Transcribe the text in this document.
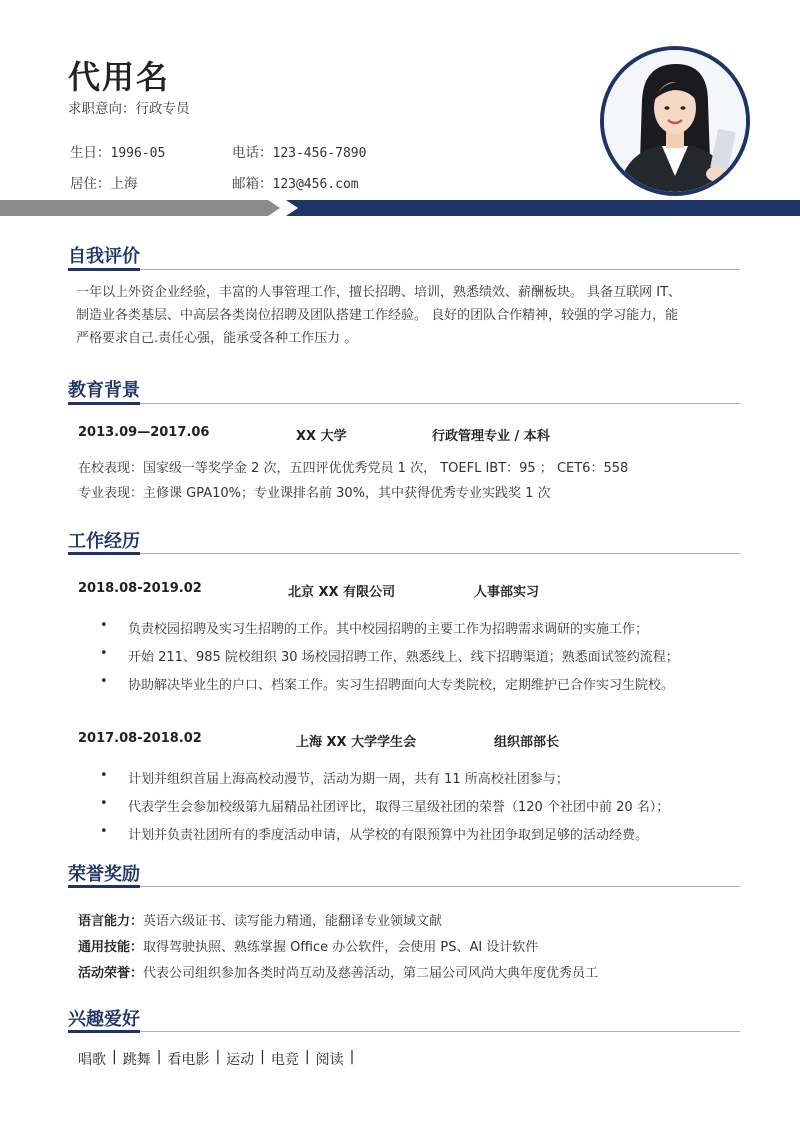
代用名
求职意向：行政专员
生日：1996-05	电话：123-456-7890
居住：上海	邮箱：123@456.com
自我评价
一年以上外资企业经验，丰富的人事管理工作，擅长招聘、培训，熟悉绩效、薪酬板块。 具备互联网 IT、
制造业各类基层、中高层各类岗位招聘及团队搭建工作经验。 良好的团队合作精神，较强的学习能力，能
严格要求自己.责任心强，能承受各种工作压力 。
教育背景
2013.09—2017.06	XX 大学	行政管理专业 / 本科
在校表现：国家级一等奖学金 2 次，五四评优优秀党员 1 次， TOEFL IBT：95 ； CET6：558
专业表现：主修课 GPA10%；专业课排名前 30%，其中获得优秀专业实践奖 1 次
工作经历
2018.08-2019.02	北京 XX 有限公司	人事部实习
• 负责校园招聘及实习生招聘的工作。其中校园招聘的主要工作为招聘需求调研的实施工作；
• 开始 211、985 院校组织 30 场校园招聘工作，熟悉线上、线下招聘渠道；熟悉面试签约流程；
• 协助解决毕业生的户口、档案工作。实习生招聘面向大专类院校，定期维护已合作实习生院校。
2017.08-2018.02	上海 XX 大学学生会	组织部部长
• 计划并组织首届上海高校动漫节，活动为期一周，共有 11 所高校社团参与；
• 代表学生会参加校级第九届精品社团评比，取得三星级社团的荣誉（120 个社团中前 20 名）；
• 计划并负责社团所有的季度活动申请，从学校的有限预算中为社团争取到足够的活动经费。
荣誉奖励
语言能力：英语六级证书、读写能力精通，能翻译专业领域文献
通用技能：取得驾驶执照、熟练掌握 Office 办公软件，会使用 PS、AI 设计软件
活动荣誉：代表公司组织参加各类时尚互动及慈善活动，第二届公司风尚大典年度优秀员工
兴趣爱好
唱歌 | 跳舞 | 看电影 | 运动 | 电竞 | 阅读 |
